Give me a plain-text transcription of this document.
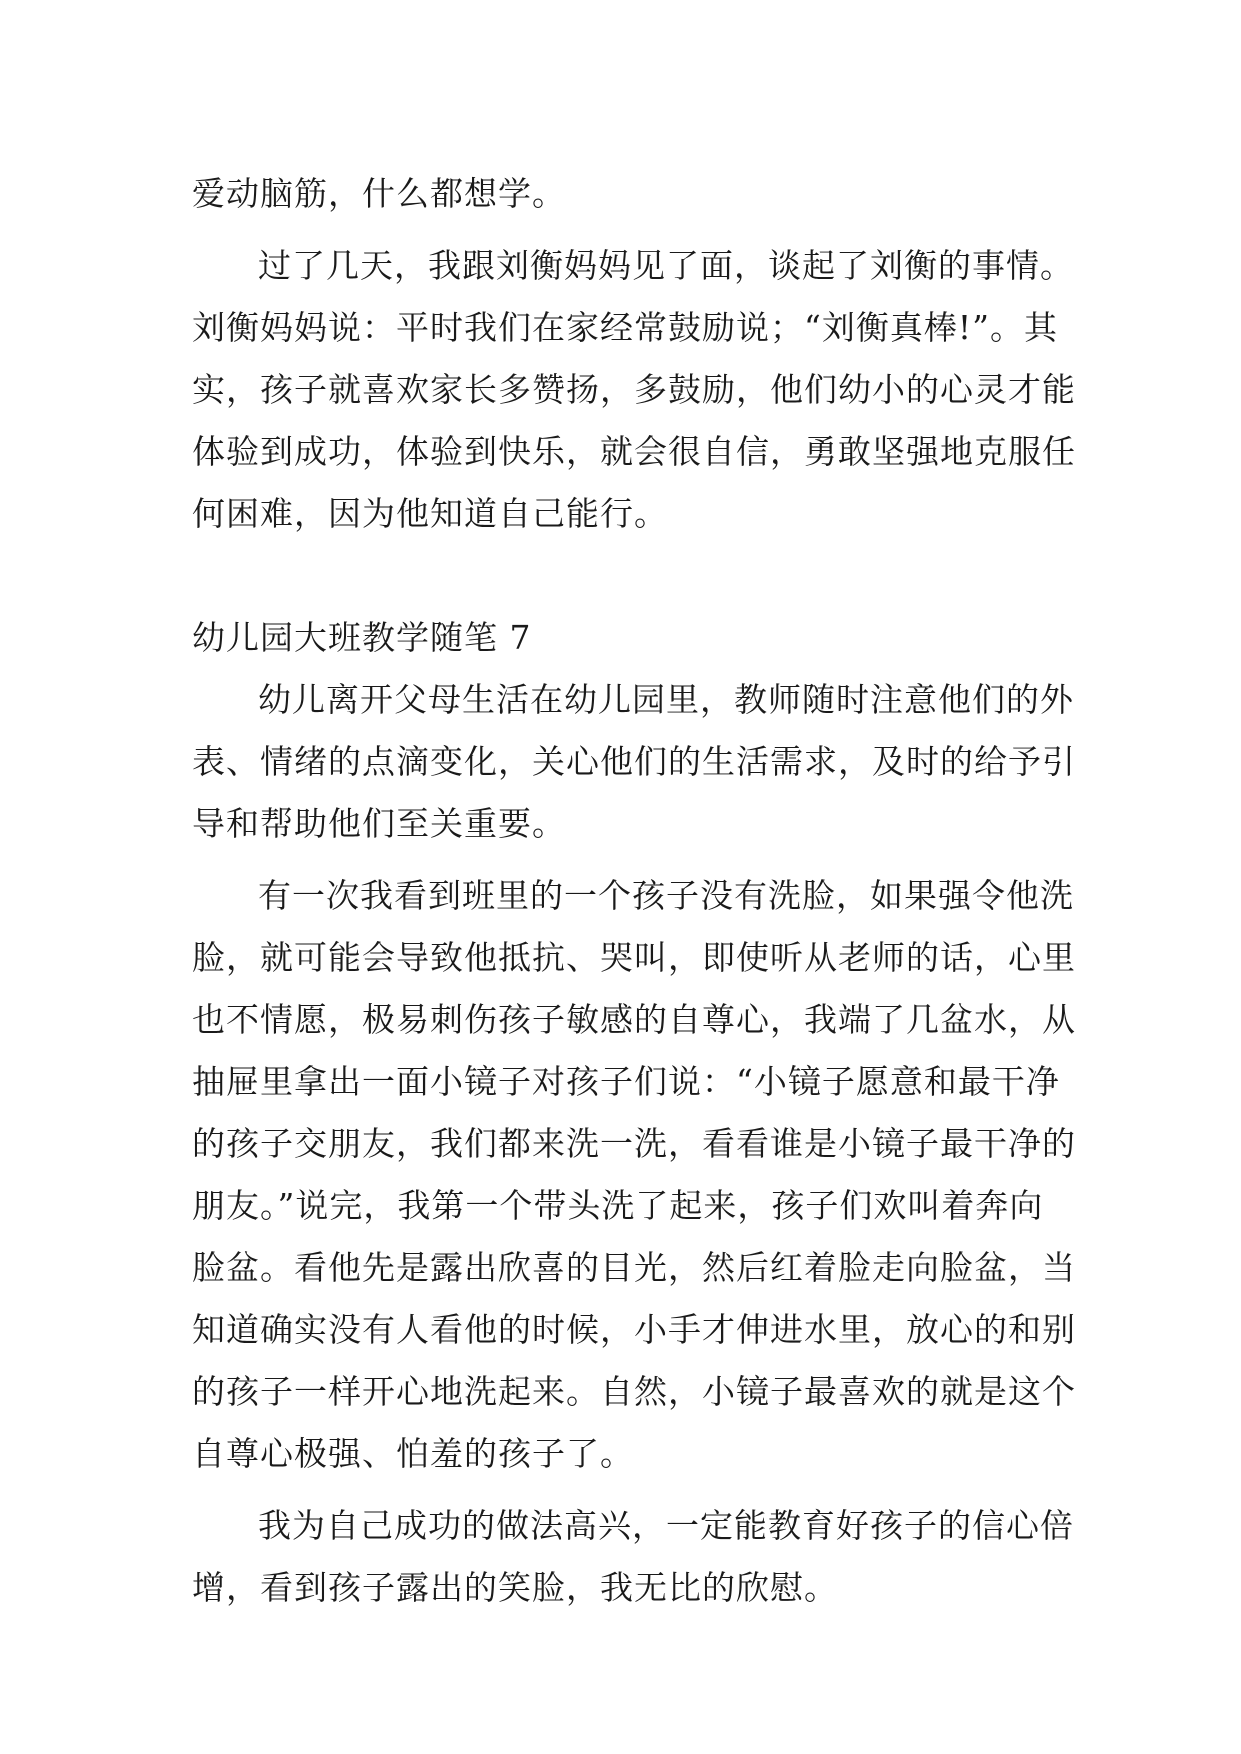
爱动脑筋，什么都想学。
过了几天，我跟刘衡妈妈见了面，谈起了刘衡的事情。
刘衡妈妈说：平时我们在家经常鼓励说；“刘衡真棒!”。其
实，孩子就喜欢家长多赞扬，多鼓励，他们幼小的心灵才能
体验到成功，体验到快乐，就会很自信，勇敢坚强地克服任
何困难，因为他知道自己能行。
幼儿园大班教学随笔 7
幼儿离开父母生活在幼儿园里，教师随时注意他们的外
表、情绪的点滴变化，关心他们的生活需求，及时的给予引
导和帮助他们至关重要。
有一次我看到班里的一个孩子没有洗脸，如果强令他洗
脸，就可能会导致他抵抗、哭叫，即使听从老师的话，心里
也不情愿，极易刺伤孩子敏感的自尊心，我端了几盆水，从
抽屉里拿出一面小镜子对孩子们说：“小镜子愿意和最干净
的孩子交朋友，我们都来洗一洗，看看谁是小镜子最干净的
朋友。”说完，我第一个带头洗了起来，孩子们欢叫着奔向
脸盆。看他先是露出欣喜的目光，然后红着脸走向脸盆，当
知道确实没有人看他的时候，小手才伸进水里，放心的和别
的孩子一样开心地洗起来。自然，小镜子最喜欢的就是这个
自尊心极强、怕羞的孩子了。
我为自己成功的做法高兴，一定能教育好孩子的信心倍
增，看到孩子露出的笑脸，我无比的欣慰。
